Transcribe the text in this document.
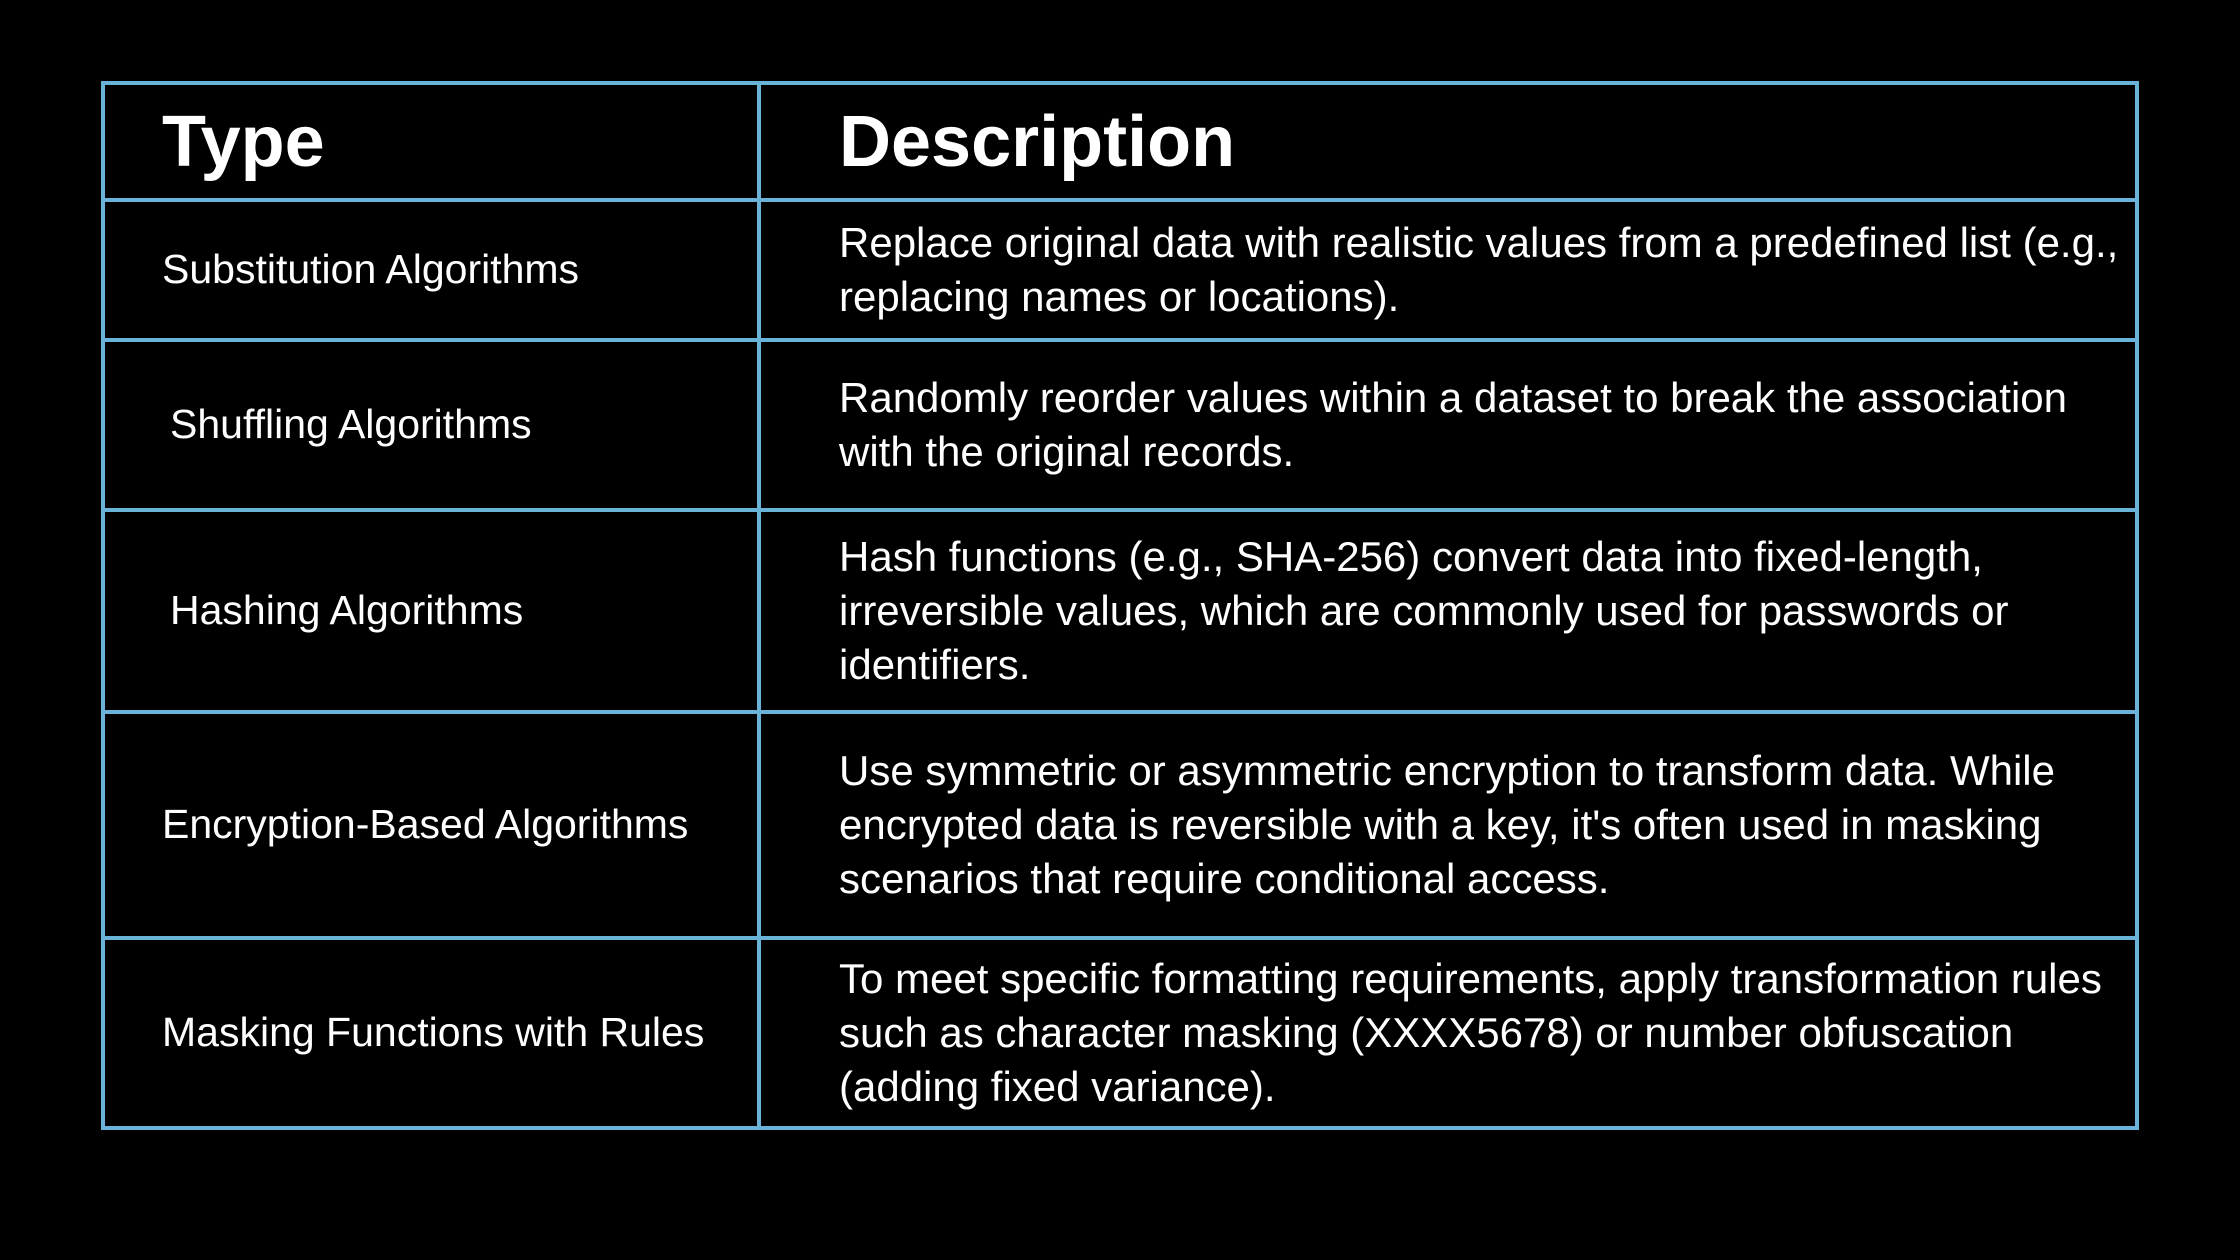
Type	Description
Substitution Algorithms	Replace original data with realistic values from a predefined list (e.g., replacing names or locations).
Shuffling Algorithms	Randomly reorder values within a dataset to break the association with the original records.
Hashing Algorithms	Hash functions (e.g., SHA-256) convert data into fixed-length, irreversible values, which are commonly used for passwords or identifiers.
Encryption-Based Algorithms	Use symmetric or asymmetric encryption to transform data. While encrypted data is reversible with a key, it's often used in masking scenarios that require conditional access.
Masking Functions with Rules	To meet specific formatting requirements, apply transformation rules such as character masking (XXXX5678) or number obfuscation (adding fixed variance).
